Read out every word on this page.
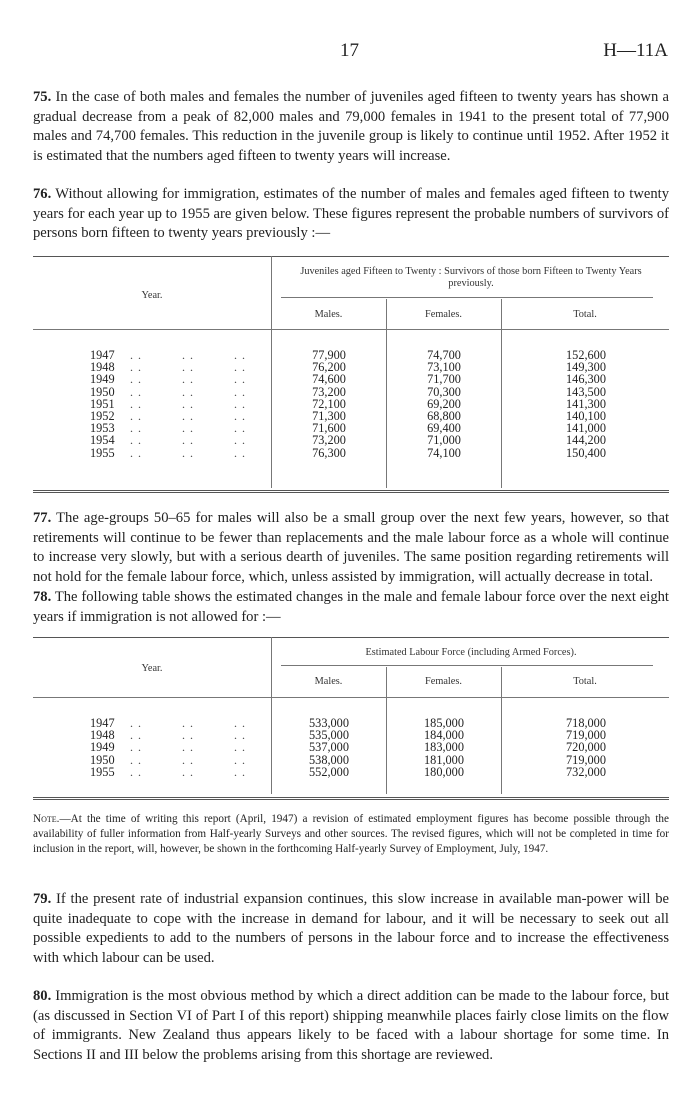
17	H—11A

75. In the case of both males and females the number of juveniles aged fifteen to twenty years has shown a gradual decrease from a peak of 82,000 males and 79,000 females in 1941 to the present total of 77,900 males and 74,700 females. This reduction in the juvenile group is likely to continue until 1952. After 1952 it is estimated that the numbers aged fifteen to twenty years will increase.

76. Without allowing for immigration, estimates of the number of males and females aged fifteen to twenty years for each year up to 1955 are given below. These figures represent the probable numbers of survivors of persons born fifteen to twenty years previously :—

Year.
Juveniles aged Fifteen to Twenty : Survivors of those born Fifteen to Twenty Years previously.
Males.	Females.	Total.
1947 . .          . .          . .	77,900	74,700	152,600
1948 . .          . .          . .	76,200	73,100	149,300
1949 . .          . .          . .	74,600	71,700	146,300
1950 . .          . .          . .	73,200	70,300	143,500
1951 . .          . .          . .	72,100	69,200	141,300
1952 . .          . .          . .	71,300	68,800	140,100
1953 . .          . .          . .	71,600	69,400	141,000
1954 . .          . .          . .	73,200	71,000	144,200
1955 . .          . .          . .	76,300	74,100	150,400

77. The age-groups 50–65 for males will also be a small group over the next few years, however, so that retirements will continue to be fewer than replacements and the male labour force as a whole will continue to increase very slowly, but with a serious dearth of juveniles. The same position regarding retirements will not hold for the female labour force, which, unless assisted by immigration, will actually decrease in total.

78. The following table shows the estimated changes in the male and female labour force over the next eight years if immigration is not allowed for :—

Year.
Estimated Labour Force (including Armed Forces).
Males.	Females.	Total.
1947 . .          . .          . .	533,000	185,000	718,000
1948 . .          . .          . .	535,000	184,000	719,000
1949 . .          . .          . .	537,000	183,000	720,000
1950 . .          . .          . .	538,000	181,000	719,000
1955 . .          . .          . .	552,000	180,000	732,000

Note.—At the time of writing this report (April, 1947) a revision of estimated employment figures has become possible through the availability of fuller information from Half-yearly Surveys and other sources. The revised figures, which will not be completed in time for inclusion in the report, will, however, be shown in the forthcoming Half-yearly Survey of Employment, July, 1947.

79. If the present rate of industrial expansion continues, this slow increase in available man-power will be quite inadequate to cope with the increase in demand for labour, and it will be necessary to seek out all possible expedients to add to the numbers of persons in the labour force and to increase the effectiveness with which labour can be used.

80. Immigration is the most obvious method by which a direct addition can be made to the labour force, but (as discussed in Section VI of Part I of this report) shipping meanwhile places fairly close limits on the flow of immigrants. New Zealand thus appears likely to be faced with a labour shortage for some time. In Sections II and III below the problems arising from this shortage are reviewed.
